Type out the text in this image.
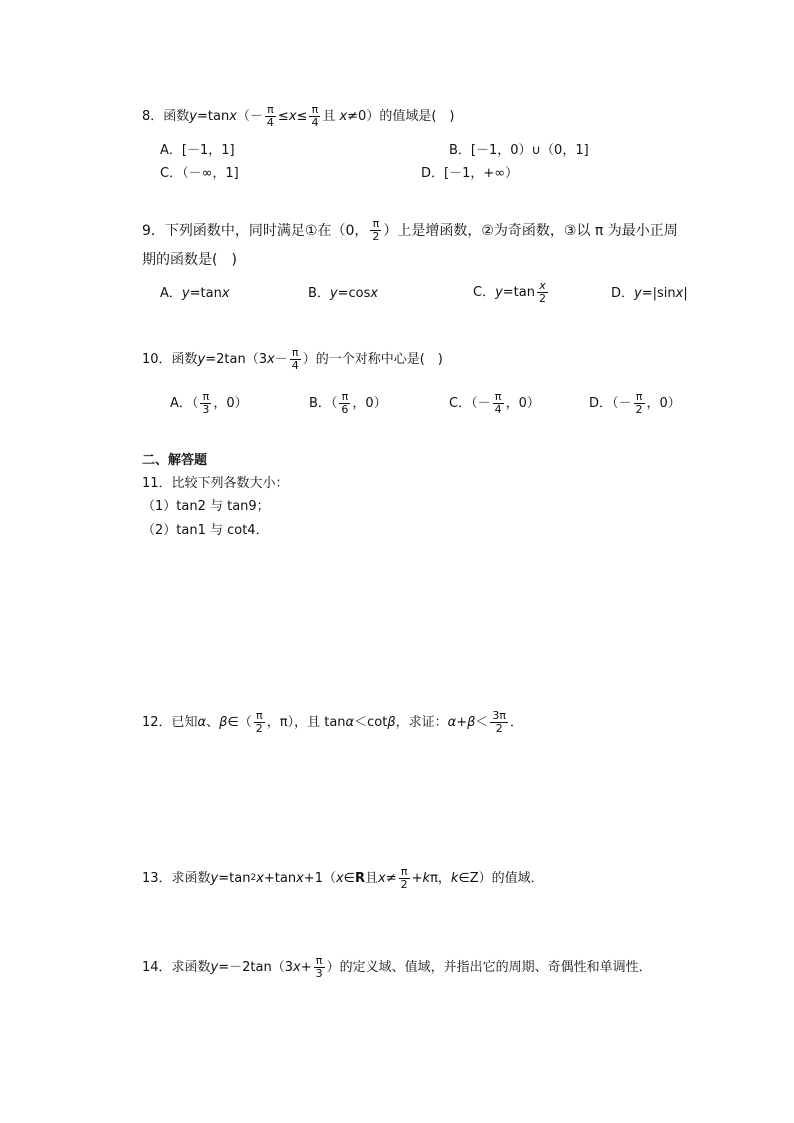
8．函数 y =tan x （ － $\frac{\pi}{4} \le x \le \frac{\pi}{4}$ 且 x ≠0）的值域是(　)
A．[－1，1]	B．[－1，0）∪（0，1]
C．（－∞，1]	D．[－1，+∞）
9．下列函数中，同时满足①在（0， $\frac{\pi}{2}$ ）上是增函数，②为奇函数，③以 π 为最小正周
期的函数是(　)
A． y =tan x	B． y =cos x	C． $y =\tan \frac{x}{2}$	D． y =|sin x |
10．函数 y =2tan（3 $x - \frac{\pi}{4}$ ）的一个对称中心是(　)
A．（ $\frac{\pi}{3}$ ，0）	B．（ $\frac{\pi}{6}$ ，0）	C．（－ $\frac{\pi}{4}$ ，0）	D．（－ $\frac{\pi}{2}$ ，0）
二、解答题
11．比较下列各数大小：
（1）tan2 与 tan9；
（2）tan1 与 cot4．
12．已知 α 、 β ∈（ $\frac{\pi}{2}$ ，π），且 tan α ＜cot β ，求证： $\alpha + \beta < \frac{3\pi}{2}$ ．
13．求函数 y =tan 2 x +tan x +1（ x ∈ R 且 $x \ne \frac{\pi}{2} + k$ π， k ∈Z）的值域．
14．求函数 y =－2tan（3 $x + \frac{\pi}{3}$ ）的定义域、值域，并指出它的周期、奇偶性和单调性．
